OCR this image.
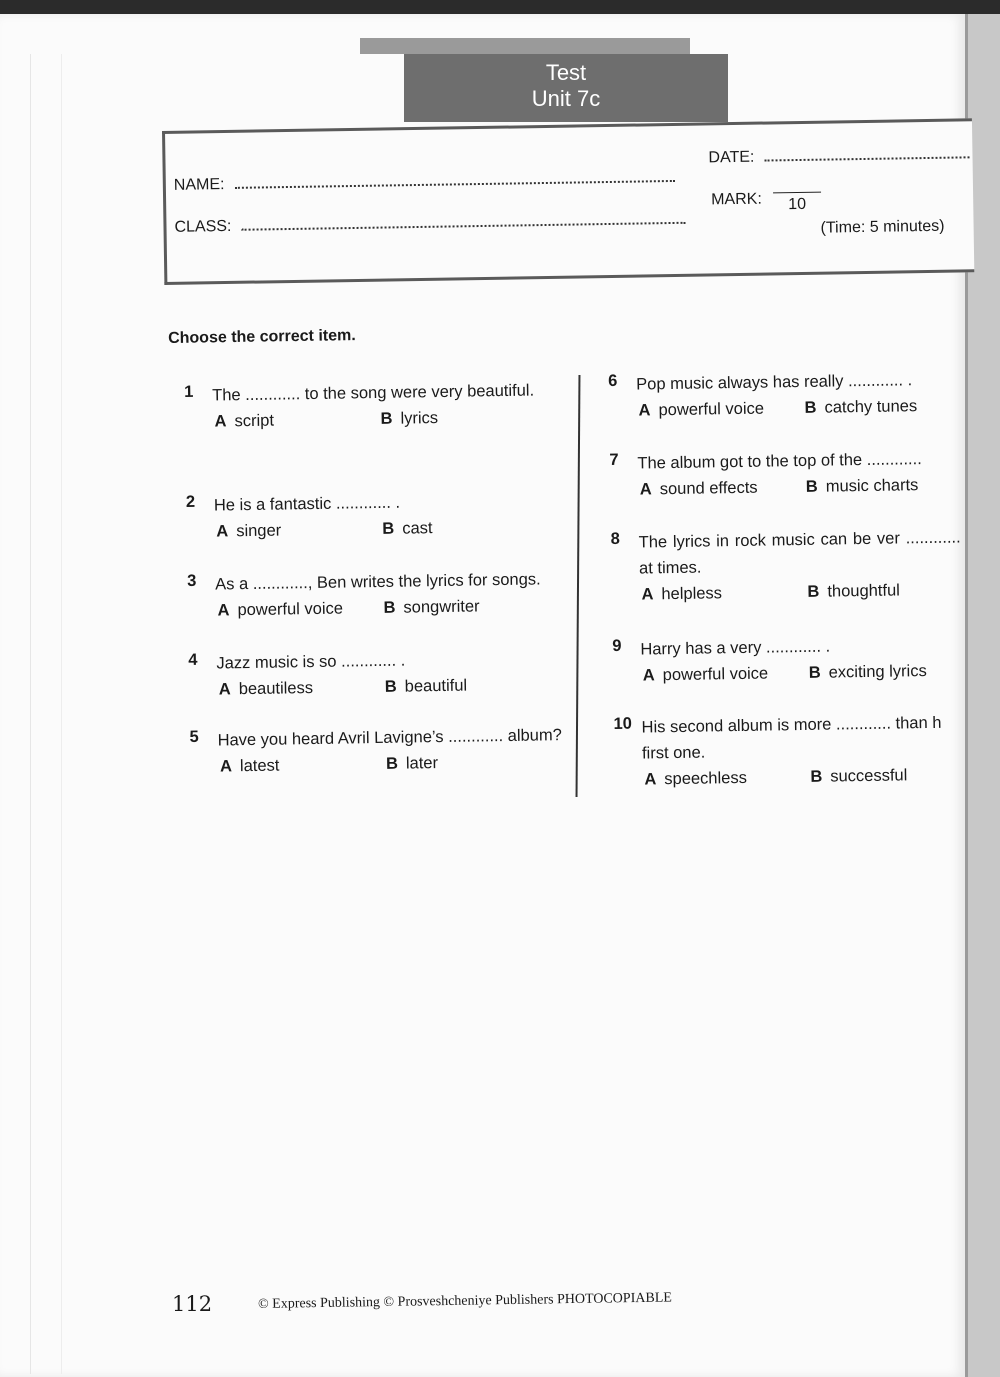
Test
Unit 7c
NAME:
CLASS:
DATE:
MARK: 10
(Time: 5 minutes)
Choose the correct item.
1 The ............ to the song were very beautiful.
A script	B lyrics
2 He is a fantastic ............ .
A singer	B cast
3 As a ............, Ben writes the lyrics for songs.
A powerful voice B songwriter
4 Jazz music is so ............ .
A beautiless	B beautiful
5 Have you heard Avril Lavigne’s ............ album?
A latest	B later
6 Pop music always has really ............ .
A powerful voice B catchy tunes
7 The album got to the top of the ............
A sound effects	B music charts
8 The lyrics in rock music can be ver ............ at times.
A helpless	B thoughtful
9 Harry has a very ............ .
A powerful voice B exciting lyrics
10 His second album is more ............ than h first one.
A speechless	B successful
112	© Express Publishing © Prosveshcheniye Publishers PHOTOCOPIABLE
